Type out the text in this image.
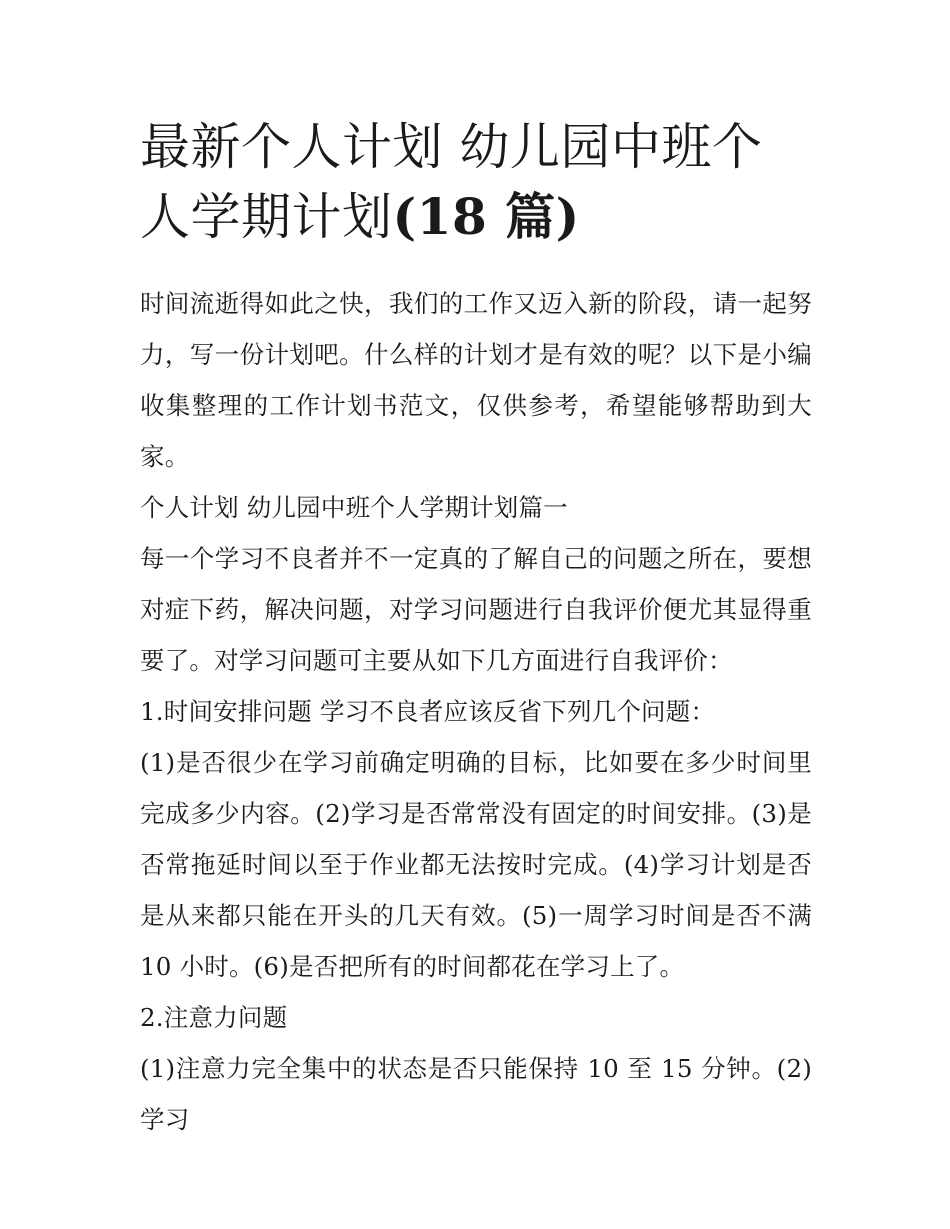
最新个人计划 幼儿园中班个人学期计划(18 篇)

时间流逝得如此之快，我们的工作又迈入新的阶段，请一起努力，写一份计划吧。什么样的计划才是有效的呢？以下是小编收集整理的工作计划书范文，仅供参考，希望能够帮助到大家。

个人计划 幼儿园中班个人学期计划篇一

每一个学习不良者并不一定真的了解自己的问题之所在，要想对症下药，解决问题，对学习问题进行自我评价便尤其显得重要了。对学习问题可主要从如下几方面进行自我评价：

1.时间安排问题 学习不良者应该反省下列几个问题：

(1)是否很少在学习前确定明确的目标，比如要在多少时间里完成多少内容。(2)学习是否常常没有固定的时间安排。(3)是否常拖延时间以至于作业都无法按时完成。(4)学习计划是否是从来都只能在开头的几天有效。(5)一周学习时间是否不满 10 小时。(6)是否把所有的时间都花在学习上了。

2.注意力问题

(1)注意力完全集中的状态是否只能保持 10 至 15 分钟。(2)学习
